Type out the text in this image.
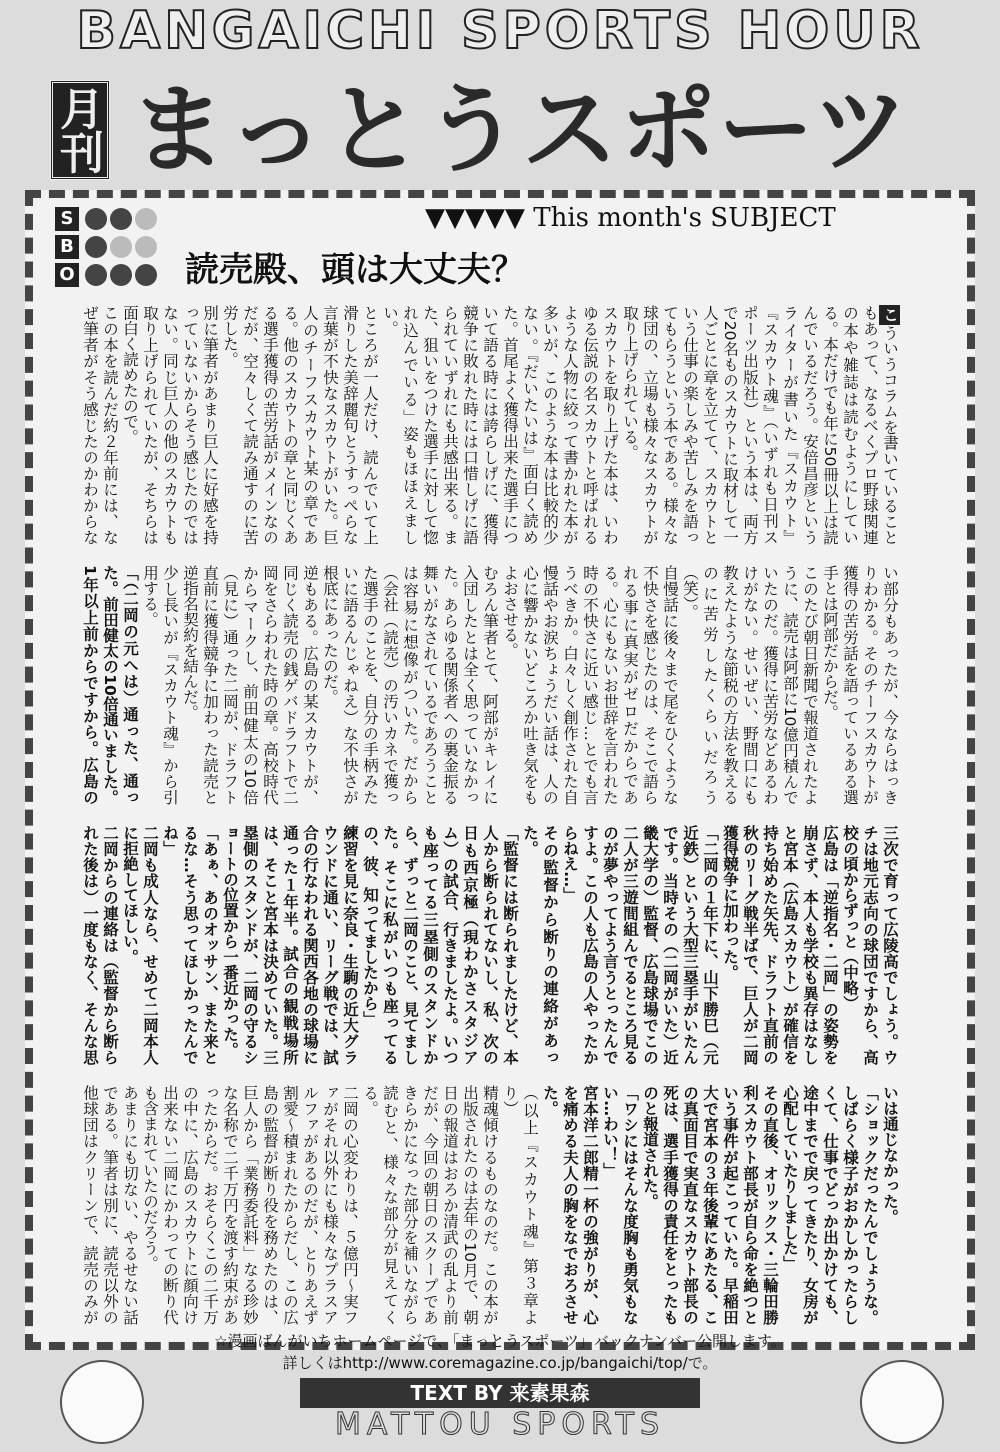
BANGAICHI SPORTS HOUR
月刊 まっとうスポーツ
S
B
O
▼▼▼▼▼ This month's SUBJECT
読売殿、頭は大丈夫？

こういうコラムを書いていることもあって、なるべくプロ野球関連の本や雑誌は読むようにしている。本だけでも年に50冊以上は読んでいるだろう。安倍昌彦というライターが書いた『スカウト』『スカウト魂』（いずれも日刊スポーツ出版社）という本は、両方で20名ものスカウトに取材して一人ごとに章を立てて、スカウトという仕事の楽しみや苦しみを語ってもらうという本である。様々な球団の、立場も様々なスカウトが取り上げられている。

スカウトを取り上げた本は、いわゆる伝説の名スカウトと呼ばれるような人物に絞って書かれた本が多いが、このような本は比較的少ない。『だいたいは』面白く読めた。首尾よく獲得出来た選手について語る時には誇らしげに、獲得競争に敗れた時には口惜しげに語られていずれにも共感出来る。また、狙いをつけた選手に対して惚れ込んでいる」姿もほほえましい。

ところが一人だけ、読んでいて上滑りした美辞麗句とうすっぺらな言葉が不快なスカウトがいた。巨人のチーフスカウト某の章である。他のスカウトの章と同じくある選手獲得の苦労話がメインなのだが、空々しくて読み通すのに苦労した。

別に筆者があまり巨人に好感を持っていないからそう感じたのではない。同じ巨人の他のスカウトも取り上げられていたが、そちらは面白く読めたので。

この本を読んだ約２年前には、なぜ筆者がそう感じたのかわからない部分もあったが、今ならはっきりわかる。そのチーフスカウトが獲得の苦労話を語っているある選手とは阿部だからだ。

このたび朝日新聞で報道されたように、読売は阿部に10億円積んでいたのだ。獲得に苦労などあるわけがない。せいぜい、野間口にも教えたような節税の方法を教えるのに苦労したくらいだろう（笑）。

自慢話に後々まで尾をひくような不快さを感じたのは、そこで語られる事に真実がゼロだからである。心にもないお世辞を言われた時の不快さに近い感じ…とでも言うべきか。白々しく創作された自慢話やお涙ちょうだい話は、人の心に響かないどころか吐き気をもよおさせる。

むろん筆者とて、阿部がキレイに入団したとは全く思っていなかった。あらゆる関係者への裏金振る舞いがなされているであろうことは容易に想像がついた。だから（会社（読売）の汚いカネで獲った選手のことを、自分の手柄みたいに語るんじゃねえ）な不快さが根底にあったのだ。

逆もある。広島の某スカウトが、同じく読売の銭ゲバドラフトで二岡をさらわれた時の章。高校時代からマークし、前田健太の10倍（見に）通った二岡が、ドラフト直前に獲得競争に加わった読売と逆指名契約を結んだ。

少し長いが『スカウト魂』から引用する。

「（二岡の元へは）通った、通った。前田健太の10倍通いました。1年以上前からですから。広島の三次で育って広陵高でしょう。ウチは地元志向の球団ですから、高校の頃からずっと（中略）

広島は「逆指名・二岡」の姿勢を崩さず、本人も学校も異存はなしと宮本（広島スカウト）が確信を持ち始めた矢先、ドラフト直前の秋のリーグ戦半ばで、巨人が二岡獲得競争に加わった。

「二岡の１年下に、山下勝巳（元近鉄）という大型三塁手がいたんです。当時その（二岡がいた）近畿大学の）監督、広島球場でこの二人が三遊間組んでるところ見るのが夢やってよう言うとったんですよ。この人も広島の人やったからねえ…」

その監督から断りの連絡があった。

「監督には断られましたけど、本人から断られてないし、私、次の日も西京極（現わかさスタジアム）の試合、行きましたよ。いつも座ってる三塁側のスタンドから、ずっと二岡のこと、見てました。そこに私がいつも座ってるの、彼、知ってましたから」

練習を見に奈良・生駒の近大グラウンドに通い、リーグ戦では、試合の行なわれる関西各地の球場に通った１年半。試合の観戦場所は、そこと宮本は決めていた。三塁側のスタンドが、二岡の守るショートの位置から一番近かった。

「あぁ、あのオッサン、また来とるな…そう思ってほしかったんでね」

二岡も成人なら、せめて二岡本人に拒絶してほしい。

二岡からの連絡は（監督から断られた後は）一度もなく、そんな思いは通じなかった。

「ショックだったんでしょうな。しばらく様子がおかしかったらしくて、仕事でどっか出かけても、途中までで戻ってきたり、女房が心配していたりしました」

その直後、オリックス・三輪田勝利スカウト部長が自ら命を絶つという事件が起こっていた。早稲田大で宮本の３年後輩にあたる、この真面目で実直なスカウト部長の死は、選手獲得の責任をとったものと報道された。

「ワシにはそんな度胸も勇気もない…わい！」

宮本洋二郎精一杯の強がりが、心を痛める夫人の胸をなでおろさせた。

（以上『スカウト魂』第３章より）

精魂傾けるものなのだ。この本が出版されたのは去年の10月で、朝日の報道はおろか清武の乱より前だが、今回の朝日のスクープであきらかになった部分を補いながら読むと、様々な部分が見えてくる。

二岡の心変わりは、５億円〜実ファがそれ以外にも様々なプラスアルファがあるのだが、とりあえず割愛〜積まれたからだし、この広島の監督が断り役を務めたのは、巨人から「業務委託料」なる珍妙な名称で二千万円を渡す約束があったからだ。おそらくこの二千万の中に、広島のスカウトに顔向け出来ない二岡にかわっての断り代も含まれていたのだろう。

あまりにも切ない、やるせない話である。筆者は別に、読売以外の他球団はクリーンで、読売のみが

☆漫画ばんがいちホームページで、「まっとうスポーツ」バックナンバー公開します。
詳しくはhttp://www.coremagazine.co.jp/bangaichi/top/で。
TEXT BY 来素果森
MATTOU SPORTS
